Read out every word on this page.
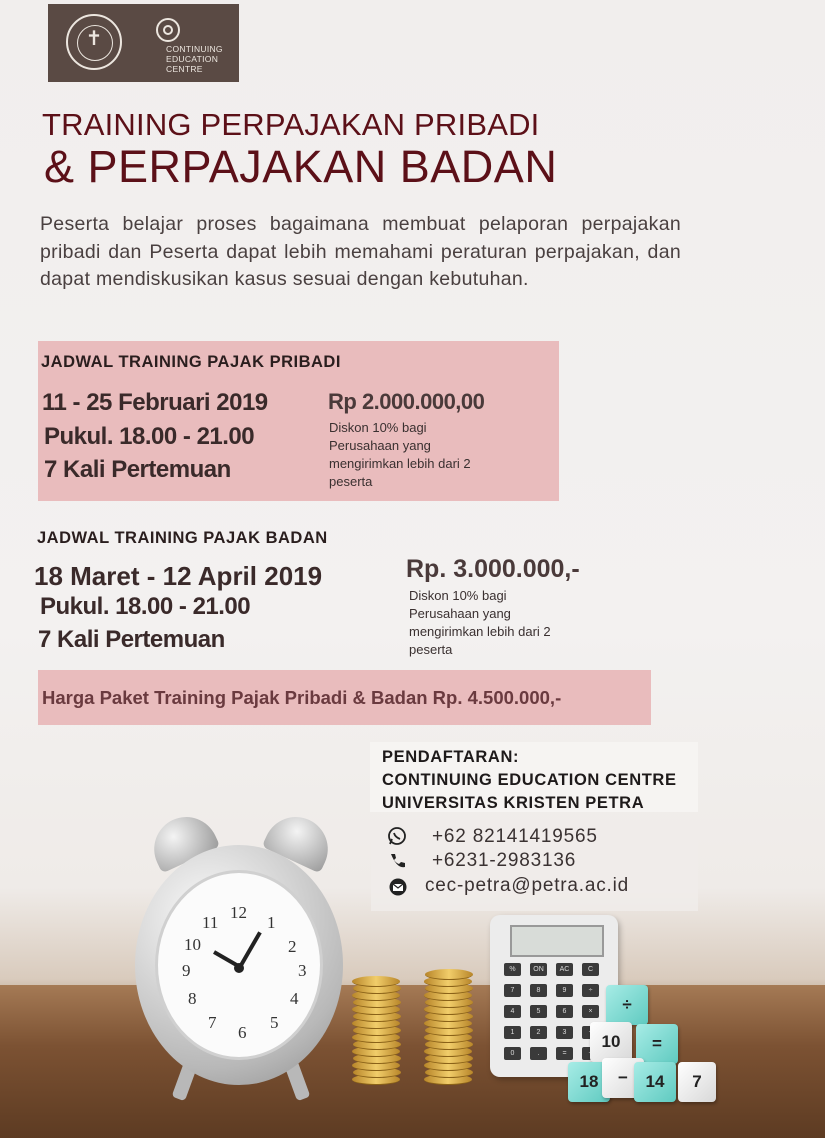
✝	CONTINUING
EDUCATION
CENTRE
TRAINING PERPAJAKAN PRIBADI
& PERPAJAKAN BADAN
Peserta belajar proses bagaimana membuat pelaporan perpajakan pribadi dan Peserta dapat lebih memahami peraturan perpajakan, dan dapat mendiskusikan kasus sesuai dengan kebutuhan.
JADWAL TRAINING PAJAK PRIBADI
11 - 25 Februari 2019
Pukul. 18.00 - 21.00
7 Kali Pertemuan
Rp 2.000.000,00
Diskon 10% bagi
Perusahaan yang
mengirimkan lebih dari 2
peserta
JADWAL TRAINING PAJAK BADAN
18 Maret - 12 April 2019
Pukul. 18.00 - 21.00
7 Kali Pertemuan
Rp. 3.000.000,-
Diskon 10% bagi
Perusahaan yang
mengirimkan lebih dari 2
peserta
Harga Paket Training Pajak Pribadi & Badan Rp. 4.500.000,-
12
1
2
3
4
5
6
7
8
9
10
11
%	ON	AC	C
7	8	9	÷
4	5	6	×
1	2	3
0	.	=
÷
10	=
18	−	14	7
PENDAFTARAN:
CONTINUING EDUCATION CENTRE
UNIVERSITAS KRISTEN PETRA
+62 82141419565
+6231-2983136
cec-petra@petra.ac.id
